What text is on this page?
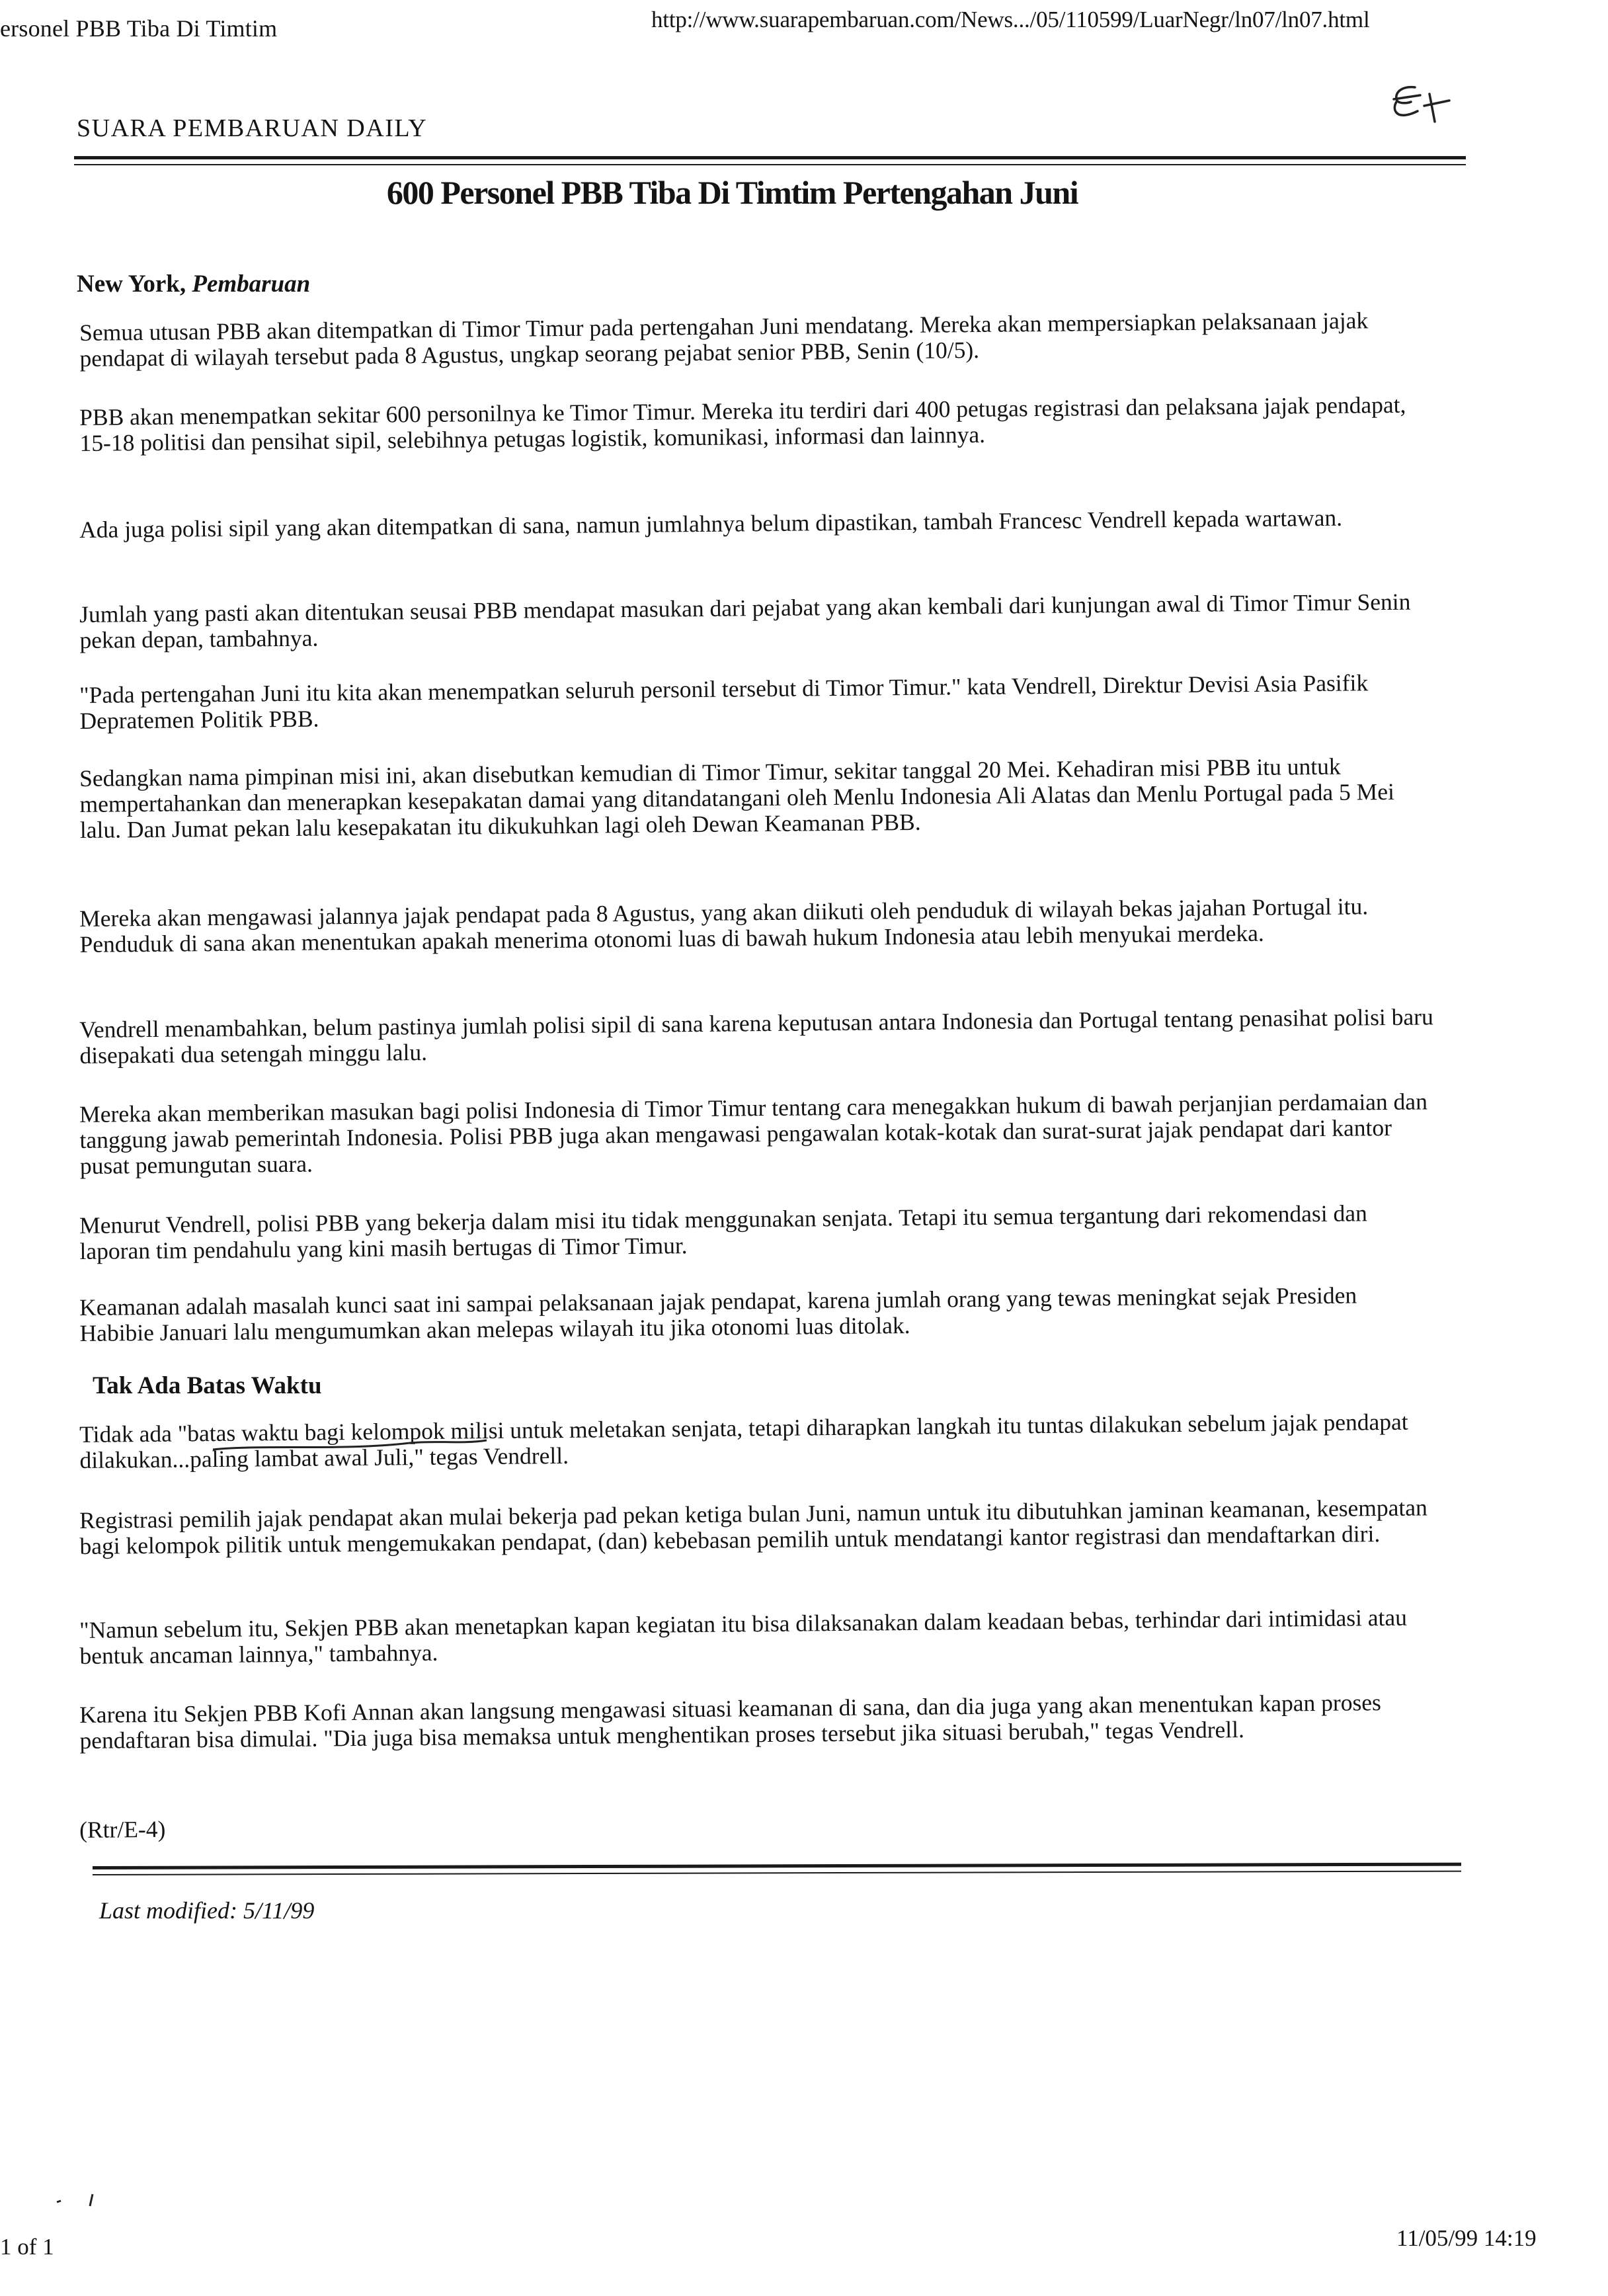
ersonel PBB Tiba Di Timtim	http://www.suarapembaruan.com/News.../05/110599/LuarNegr/ln07/ln07.html
SUARA PEMBARUAN DAILY
600 Personel PBB Tiba Di Timtim Pertengahan Juni
New York, Pembaruan

Semua utusan PBB akan ditempatkan di Timor Timur pada pertengahan Juni mendatang. Mereka akan mempersiapkan pelaksanaan jajak pendapat di wilayah tersebut pada 8 Agustus, ungkap seorang pejabat senior PBB, Senin (10/5).

PBB akan menempatkan sekitar 600 personilnya ke Timor Timur. Mereka itu terdiri dari 400 petugas registrasi dan pelaksana jajak pendapat, 15-18 politisi dan pensihat sipil, selebihnya petugas logistik, komunikasi, informasi dan lainnya.

Ada juga polisi sipil yang akan ditempatkan di sana, namun jumlahnya belum dipastikan, tambah Francesc Vendrell kepada wartawan.

Jumlah yang pasti akan ditentukan seusai PBB mendapat masukan dari pejabat yang akan kembali dari kunjungan awal di Timor Timur Senin pekan depan, tambahnya.

"Pada pertengahan Juni itu kita akan menempatkan seluruh personil tersebut di Timor Timur." kata Vendrell, Direktur Devisi Asia Pasifik Depratemen Politik PBB.

Sedangkan nama pimpinan misi ini, akan disebutkan kemudian di Timor Timur, sekitar tanggal 20 Mei. Kehadiran misi PBB itu untuk mempertahankan dan menerapkan kesepakatan damai yang ditandatangani oleh Menlu Indonesia Ali Alatas dan Menlu Portugal pada 5 Mei lalu. Dan Jumat pekan lalu kesepakatan itu dikukuhkan lagi oleh Dewan Keamanan PBB.

Mereka akan mengawasi jalannya jajak pendapat pada 8 Agustus, yang akan diikuti oleh penduduk di wilayah bekas jajahan Portugal itu. Penduduk di sana akan menentukan apakah menerima otonomi luas di bawah hukum Indonesia atau lebih menyukai merdeka.

Vendrell menambahkan, belum pastinya jumlah polisi sipil di sana karena keputusan antara Indonesia dan Portugal tentang penasihat polisi baru disepakati dua setengah minggu lalu.

Mereka akan memberikan masukan bagi polisi Indonesia di Timor Timur tentang cara menegakkan hukum di bawah perjanjian perdamaian dan tanggung jawab pemerintah Indonesia. Polisi PBB juga akan mengawasi pengawalan kotak-kotak dan surat-surat jajak pendapat dari kantor pusat pemungutan suara.

Menurut Vendrell, polisi PBB yang bekerja dalam misi itu tidak menggunakan senjata. Tetapi itu semua tergantung dari rekomendasi dan laporan tim pendahulu yang kini masih bertugas di Timor Timur.

Keamanan adalah masalah kunci saat ini sampai pelaksanaan jajak pendapat, karena jumlah orang yang tewas meningkat sejak Presiden Habibie Januari lalu mengumumkan akan melepas wilayah itu jika otonomi luas ditolak.

Tak Ada Batas Waktu

Tidak ada "batas waktu bagi kelompok milisi untuk meletakan senjata, tetapi diharapkan langkah itu tuntas dilakukan sebelum jajak pendapat dilakukan...paling lambat awal Juli," tegas Vendrell.

Registrasi pemilih jajak pendapat akan mulai bekerja pad pekan ketiga bulan Juni, namun untuk itu dibutuhkan jaminan keamanan, kesempatan bagi kelompok pilitik untuk mengemukakan pendapat, (dan) kebebasan pemilih untuk mendatangi kantor registrasi dan mendaftarkan diri.

"Namun sebelum itu, Sekjen PBB akan menetapkan kapan kegiatan itu bisa dilaksanakan dalam keadaan bebas, terhindar dari intimidasi atau bentuk ancaman lainnya," tambahnya.

Karena itu Sekjen PBB Kofi Annan akan langsung mengawasi situasi keamanan di sana, dan dia juga yang akan menentukan kapan proses pendaftaran bisa dimulai. "Dia juga bisa memaksa untuk menghentikan proses tersebut jika situasi berubah," tegas Vendrell.

(Rtr/E-4)

Last modified: 5/11/99
1 of 1	11/05/99 14:19
